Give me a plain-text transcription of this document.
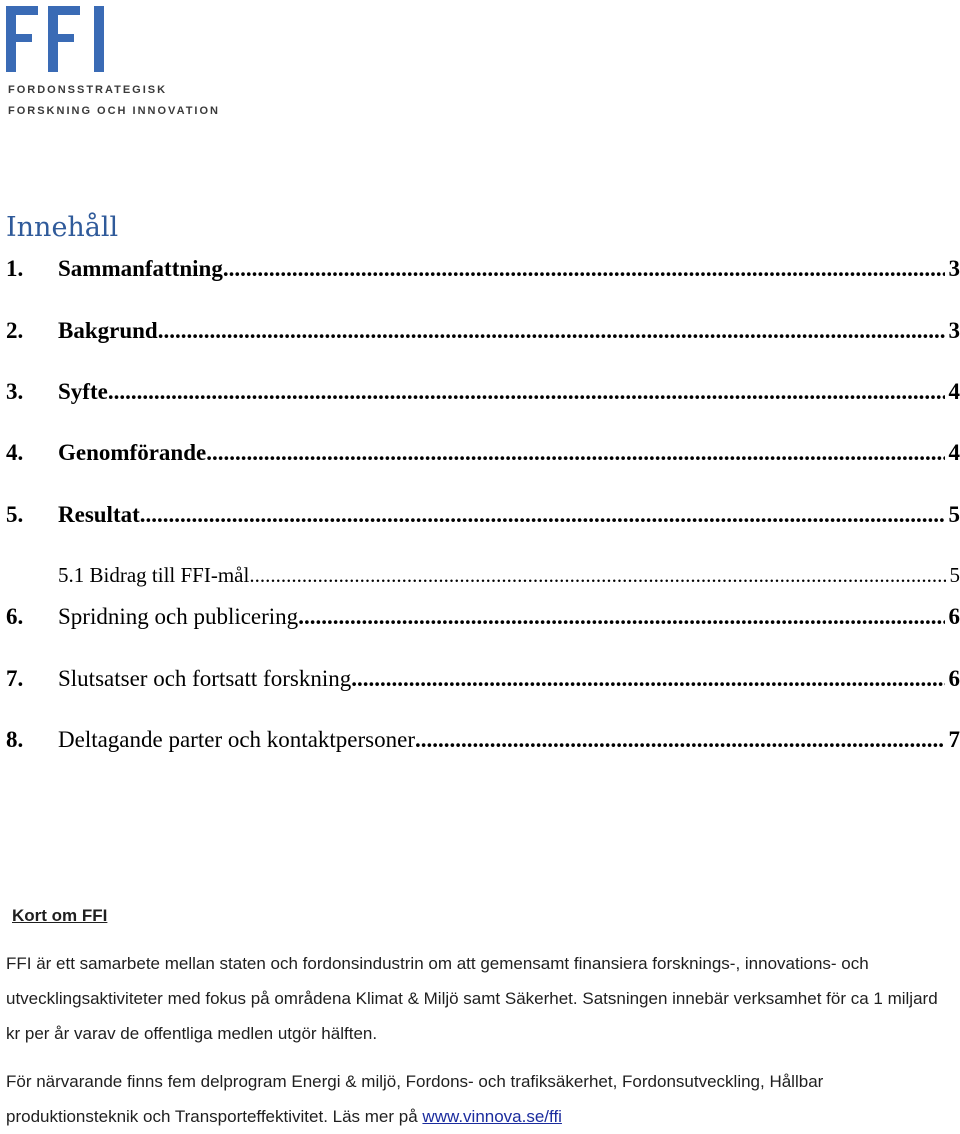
FORDONSSTRATEGISK
FORSKNING OCH INNOVATION
Innehåll
1.	Sammanfattning .....	3
2.	Bakgrund .....	3
3.	Syfte .....	4
4.	Genomförande .....	4
5.	Resultat .....	5
5.1 Bidrag till FFI-mål .....	5
6.	Spridning och publicering .....	6
7.	Slutsatser och fortsatt forskning .....	6
8.	Deltagande parter och kontaktpersoner .....	7
Kort om FFI

FFI är ett samarbete mellan staten och fordonsindustrin om att gemensamt finansiera forsknings-, innovations- och utvecklingsaktiviteter med fokus på områdena Klimat & Miljö samt Säkerhet. Satsningen innebär verksamhet för ca 1 miljard kr per år varav de offentliga medlen utgör hälften.

För närvarande finns fem delprogram Energi & miljö, Fordons- och trafiksäkerhet, Fordonsutveckling, Hållbar produktionsteknik och Transporteffektivitet. Läs mer på www.vinnova.se/ffi
